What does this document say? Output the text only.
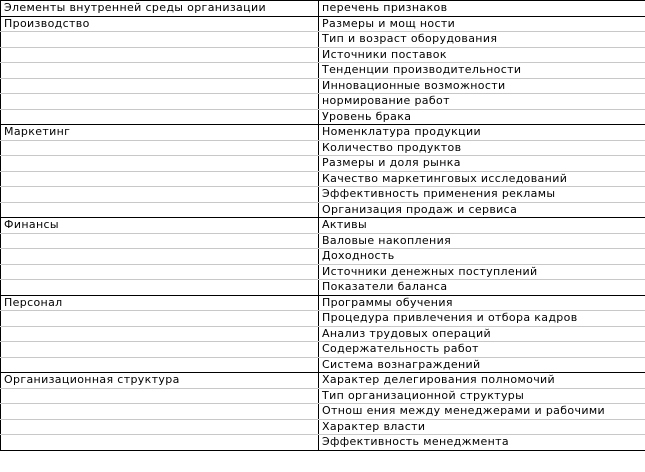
Элементы внутренней среды организации	перечень признаков
Производство	Размеры и мощ ности
	Тип и возраст оборудования
	Источники поставок
	Тенденции производительности
	Инновационные возможности
	нормирование работ
	Уровень брака
Маркетинг	Номенклатура продукции
	Количество продуктов
	Размеры и доля рынка
	Качество маркетинговых исследований
	Эффективность применения рекламы
	Организация продаж и сервиса
Финансы	Активы
	Валовые накопления
	Доходность
	Источники денежных поступлений
	Показатели баланса
Персонал	Программы обучения
	Процедура привлечения и отбора кадров
	Анализ трудовых операций
	Содержательность работ
	Система вознаграждений
Организационная структура	Характер делегирования полномочий
	Тип организационной структуры
	Отнош ения между менеджерами и рабочими
	Характер власти
	Эффективность менеджмента
